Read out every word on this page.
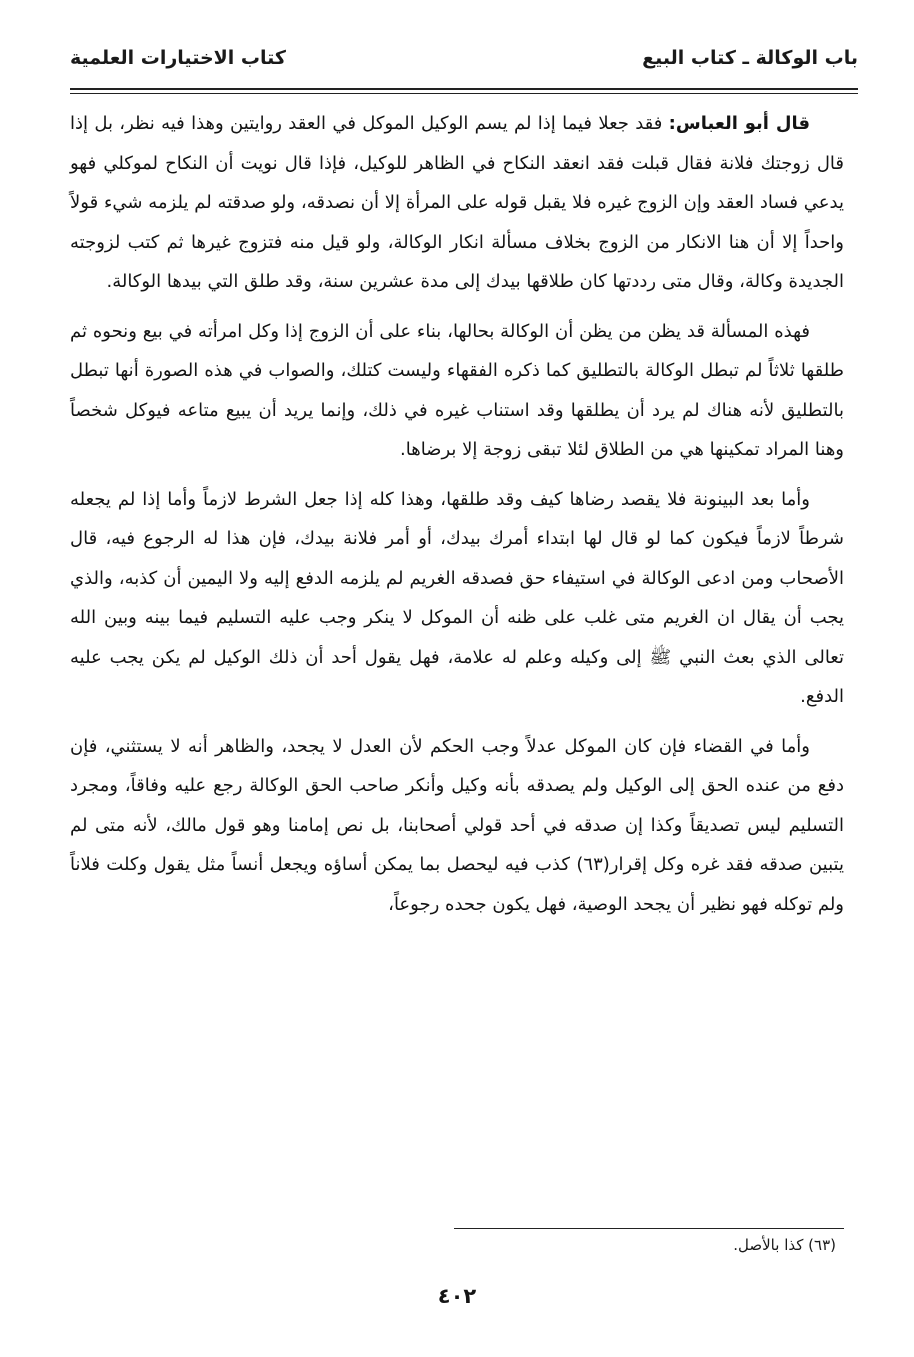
باب الوكالة ـ كتاب البيع
كتاب الاختيارات العلمية

قال أبو العباس: فقد جعلا فيما إذا لم يسم الوكيل الموكل في العقد روايتين وهذا فيه نظر، بل إذا قال زوجتك فلانة فقال قبلت فقد انعقد النكاح في الظاهر للوكيل، فإذا قال نويت أن النكاح لموكلي فهو يدعي فساد العقد وإن الزوج غيره فلا يقبل قوله على المرأة إلا أن نصدقه، ولو صدقته لم يلزمه شيء قولاً واحداً إلا أن هنا الانكار من الزوج بخلاف مسألة انكار الوكالة، ولو قيل منه فتزوج غيرها ثم كتب لزوجته الجديدة وكالة، وقال متى رددتها كان طلاقها بيدك إلى مدة عشرين سنة، وقد طلق التي بيدها الوكالة.

فهذه المسألة قد يظن من يظن أن الوكالة بحالها، بناء على أن الزوج إذا وكل امرأته في بيع ونحوه ثم طلقها ثلاثاً لم تبطل الوكالة بالتطليق كما ذكره الفقهاء وليست كتلك، والصواب في هذه الصورة أنها تبطل بالتطليق لأنه هناك لم يرد أن يطلقها وقد استناب غيره في ذلك، وإنما يريد أن يبيع متاعه فيوكل شخصاً وهنا المراد تمكينها هي من الطلاق لئلا تبقى زوجة إلا برضاها.

وأما بعد البينونة فلا يقصد رضاها كيف وقد طلقها، وهذا كله إذا جعل الشرط لازماً وأما إذا لم يجعله شرطاً لازماً فيكون كما لو قال لها ابتداء أمرك بيدك، أو أمر فلانة بيدك، فإن هذا له الرجوع فيه، قال الأصحاب ومن ادعى الوكالة في استيفاء حق فصدقه الغريم لم يلزمه الدفع إليه ولا اليمين أن كذبه، والذي يجب أن يقال ان الغريم متى غلب على ظنه أن الموكل لا ينكر وجب عليه التسليم فيما بينه وبين الله تعالى الذي بعث النبي ﷺ إلى وكيله وعلم له علامة، فهل يقول أحد أن ذلك الوكيل لم يكن يجب عليه الدفع.

وأما في القضاء فإن كان الموكل عدلاً وجب الحكم لأن العدل لا يجحد، والظاهر أنه لا يستثني، فإن دفع من عنده الحق إلى الوكيل ولم يصدقه بأنه وكيل وأنكر صاحب الحق الوكالة رجع عليه وفاقاً، ومجرد التسليم ليس تصديقاً وكذا إن صدقه في أحد قولي أصحابنا، بل نص إمامنا وهو قول مالك، لأنه متى لم يتبين صدقه فقد غره وكل إقرار(٦٣) كذب فيه ليحصل بما يمكن أساؤه ويجعل أنساً مثل يقول وكلت فلاناً ولم توكله فهو نظير أن يجحد الوصية، فهل يكون جحده رجوعاً،

(٦٣) كذا بالأصل.
٤٠٢
